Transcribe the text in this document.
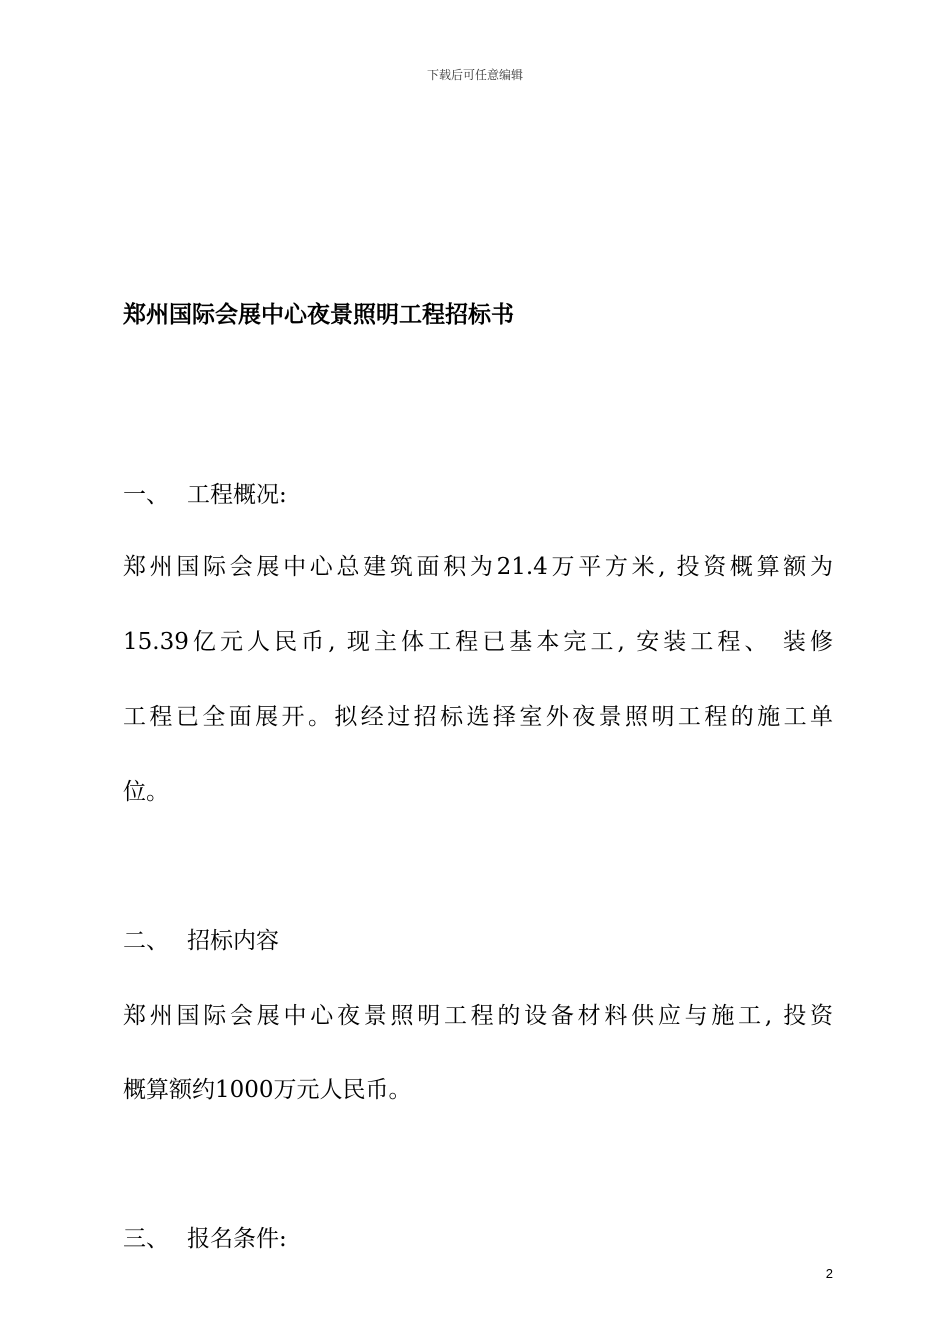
下载后可任意编辑
郑州国际会展中心夜景照明工程招标书
一、 工程概况:
郑州国际会展中心总建筑面积为21.4万平方米, 投资概算额为
15.39亿元人民币, 现主体工程已基本完工, 安装工程、 装修
工程已全面展开。拟经过招标选择室外夜景照明工程的施工单
位。
二、 招标内容
郑州国际会展中心夜景照明工程的设备材料供应与施工, 投资
概算额约1000万元人民币。
三、 报名条件:
2
